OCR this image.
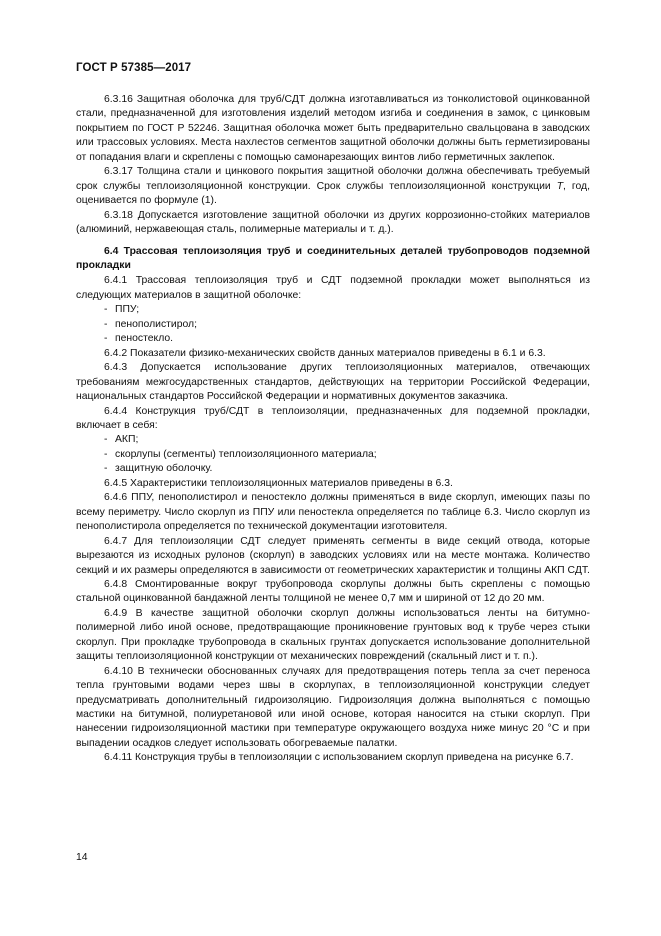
ГОСТ Р 57385—2017

6.3.16 Защитная оболочка для труб/СДТ должна изготавливаться из тонколистовой оцинкованной стали, предназначенной для изготовления изделий методом изгиба и соединения в замок, с цинковым покрытием по ГОСТ Р 52246. Защитная оболочка может быть предварительно свальцована в заводских или трассовых условиях. Места нахлестов сегментов защитной оболочки должны быть герметизированы от попадания влаги и скреплены с помощью самонарезающих винтов либо герметичных заклепок.

6.3.17 Толщина стали и цинкового покрытия защитной оболочки должна обеспечивать требуемый срок службы теплоизоляционной конструкции. Срок службы теплоизоляционной конструкции T, год, оценивается по формуле (1).

6.3.18 Допускается изготовление защитной оболочки из других коррозионно-стойких материалов (алюминий, нержавеющая сталь, полимерные материалы и т. д.).

6.4 Трассовая теплоизоляция труб и соединительных деталей трубопроводов подземной прокладки

6.4.1 Трассовая теплоизоляция труб и СДТ подземной прокладки может выполняться из следующих материалов в защитной оболочке:

- ППУ;

- пенополистирол;

- пеностекло.

6.4.2 Показатели физико-механических свойств данных материалов приведены в 6.1 и 6.3.

6.4.3 Допускается использование других теплоизоляционных материалов, отвечающих требованиям межгосударственных стандартов, действующих на территории Российской Федерации, национальных стандартов Российской Федерации и нормативных документов заказчика.

6.4.4 Конструкция труб/СДТ в теплоизоляции, предназначенных для подземной прокладки, включает в себя:

- АКП;

- скорлупы (сегменты) теплоизоляционного материала;

- защитную оболочку.

6.4.5 Характеристики теплоизоляционных материалов приведены в 6.3.

6.4.6 ППУ, пенополистирол и пеностекло должны применяться в виде скорлуп, имеющих пазы по всему периметру. Число скорлуп из ППУ или пеностекла определяется по таблице 6.3. Число скорлуп из пенополистирола определяется по технической документации изготовителя.

6.4.7 Для теплоизоляции СДТ следует применять сегменты в виде секций отвода, которые вырезаются из исходных рулонов (скорлуп) в заводских условиях или на месте монтажа. Количество секций и их размеры определяются в зависимости от геометрических характеристик и толщины АКП СДТ.

6.4.8 Смонтированные вокруг трубопровода скорлупы должны быть скреплены с помощью стальной оцинкованной бандажной ленты толщиной не менее 0,7 мм и шириной от 12 до 20 мм.

6.4.9 В качестве защитной оболочки скорлуп должны использоваться ленты на битумно-полимерной либо иной основе, предотвращающие проникновение грунтовых вод к трубе через стыки скорлуп. При прокладке трубопровода в скальных грунтах допускается использование дополнительной защиты теплоизоляционной конструкции от механических повреждений (скальный лист и т. п.).

6.4.10 В технически обоснованных случаях для предотвращения потерь тепла за счет переноса тепла грунтовыми водами через швы в скорлупах, в теплоизоляционной конструкции следует предусматривать дополнительный гидроизоляцию. Гидроизоляция должна выполняться с помощью мастики на битумной, полиуретановой или иной основе, которая наносится на стыки скорлуп. При нанесении гидроизоляционной мастики при температуре окружающего воздуха ниже минус 20 °С и при выпадении осадков следует использовать обогреваемые палатки.

6.4.11 Конструкция трубы в теплоизоляции с использованием скорлуп приведена на рисунке 6.7.

14
